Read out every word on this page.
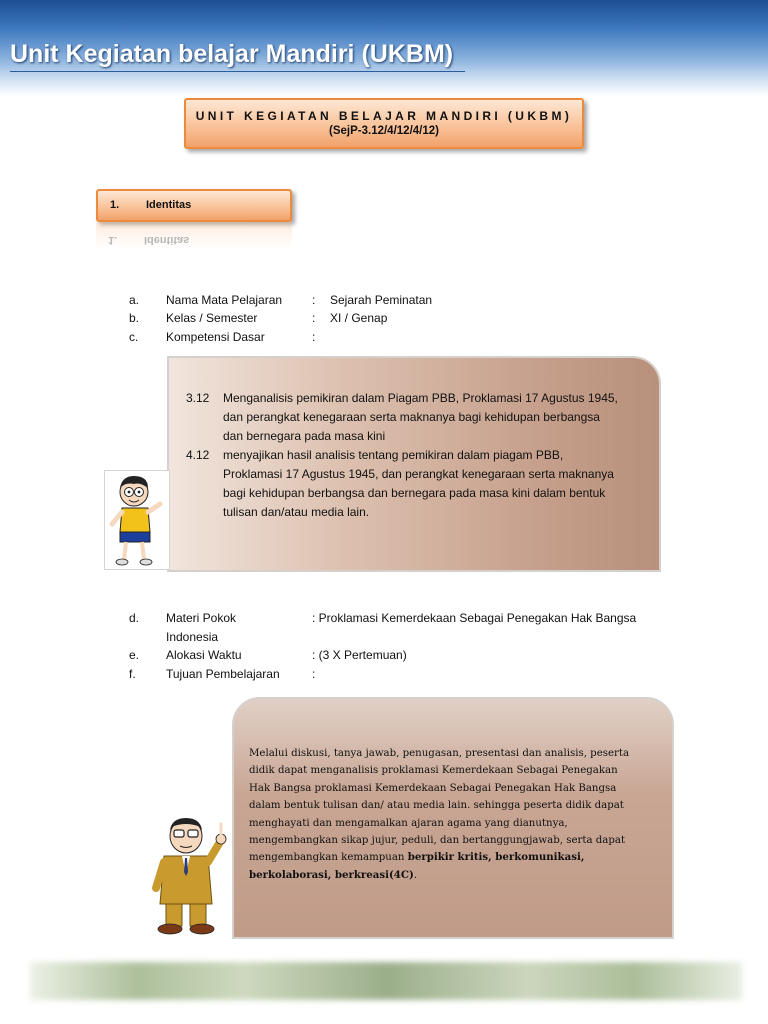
Unit Kegiatan belajar Mandiri (UKBM)
UNIT KEGIATAN BELAJAR MANDIRI (UKBM)
(SejP-3.12/4/12/4/12)
1. Identitas
1. Identitas
a. Nama Mata Pelajaran : Sejarah Peminatan
b. Kelas / Semester	: XI / Genap
c. Kompetensi Dasar	:
3.12 Menganalisis pemikiran dalam Piagam PBB, Proklamasi 17 Agustus 1945,
dan perangkat kenegaraan serta maknanya bagi kehidupan berbangsa
dan bernegara pada masa kini
4.12 menyajikan hasil analisis tentang pemikiran dalam piagam PBB,
Proklamasi 17 Agustus 1945, dan perangkat kenegaraan serta maknanya
bagi kehidupan berbangsa dan bernegara pada masa kini dalam bentuk
tulisan dan/atau media lain.
d. Materi Pokok	: Proklamasi Kemerdekaan Sebagai Penegakan Hak Bangsa
Indonesia
e. Alokasi Waktu	: (3 X Pertemuan)
f.	Tujuan Pembelajaran	:
Melalui diskusi, tanya jawab, penugasan, presentasi dan analisis, peserta
didik dapat menganalisis proklamasi Kemerdekaan Sebagai Penegakan
Hak Bangsa proklamasi Kemerdekaan Sebagai Penegakan Hak Bangsa
dalam bentuk tulisan dan/ atau media lain. sehingga peserta didik dapat
menghayati dan mengamalkan ajaran agama yang dianutnya,
mengembangkan sikap jujur, peduli, dan bertanggungjawab, serta dapat
mengembangkan kemampuan berpikir kritis, berkomunikasi,
berkolaborasi, berkreasi(4C).
